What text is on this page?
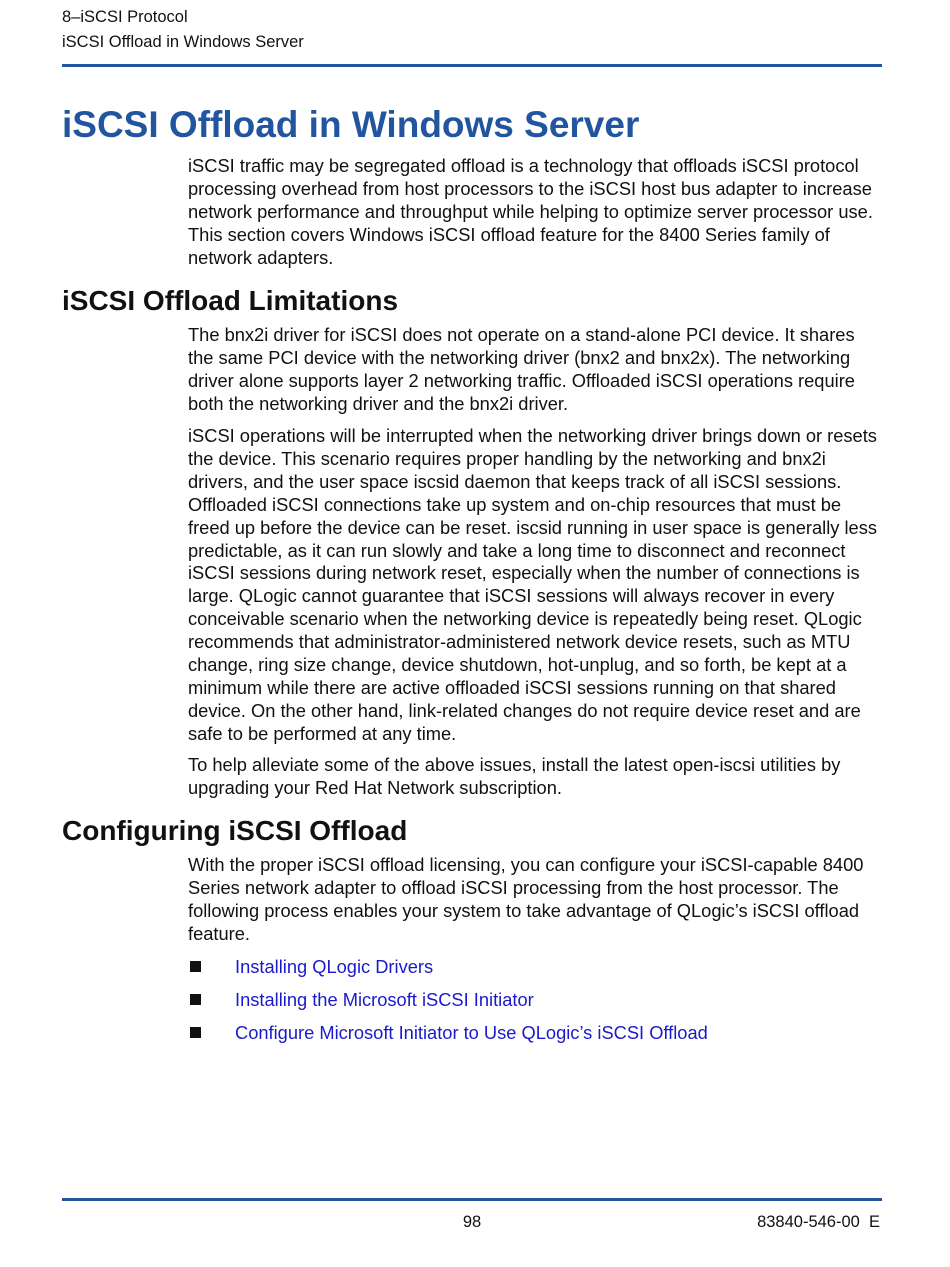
8–iSCSI Protocol
iSCSI Offload in Windows Server
iSCSI Offload in Windows Server

iSCSI traffic may be segregated offload is a technology that offloads iSCSI protocol processing overhead from host processors to the iSCSI host bus adapter to increase network performance and throughput while helping to optimize server processor use. This section covers Windows iSCSI offload feature for the 8400 Series family of network adapters.

iSCSI Offload Limitations

The bnx2i driver for iSCSI does not operate on a stand-alone PCI device. It shares the same PCI device with the networking driver (bnx2 and bnx2x). The networking driver alone supports layer 2 networking traffic. Offloaded iSCSI operations require both the networking driver and the bnx2i driver.

iSCSI operations will be interrupted when the networking driver brings down or resets the device. This scenario requires proper handling by the networking and bnx2i drivers, and the user space iscsid daemon that keeps track of all iSCSI sessions. Offloaded iSCSI connections take up system and on-chip resources that must be freed up before the device can be reset. iscsid running in user space is generally less predictable, as it can run slowly and take a long time to disconnect and reconnect iSCSI sessions during network reset, especially when the number of connections is large. QLogic cannot guarantee that iSCSI sessions will always recover in every conceivable scenario when the networking device is repeatedly being reset. QLogic recommends that administrator-administered network device resets, such as MTU change, ring size change, device shutdown, hot-unplug, and so forth, be kept at a minimum while there are active offloaded iSCSI sessions running on that shared device. On the other hand, link-related changes do not require device reset and are safe to be performed at any time.

To help alleviate some of the above issues, install the latest open-iscsi utilities by upgrading your Red Hat Network subscription.

Configuring iSCSI Offload

With the proper iSCSI offload licensing, you can configure your iSCSI-capable 8400 Series network adapter to offload iSCSI processing from the host processor. The following process enables your system to take advantage of QLogic’s iSCSI offload feature.

Installing QLogic Drivers
Installing the Microsoft iSCSI Initiator
Configure Microsoft Initiator to Use QLogic’s iSCSI Offload
98	83840-546-00  E
